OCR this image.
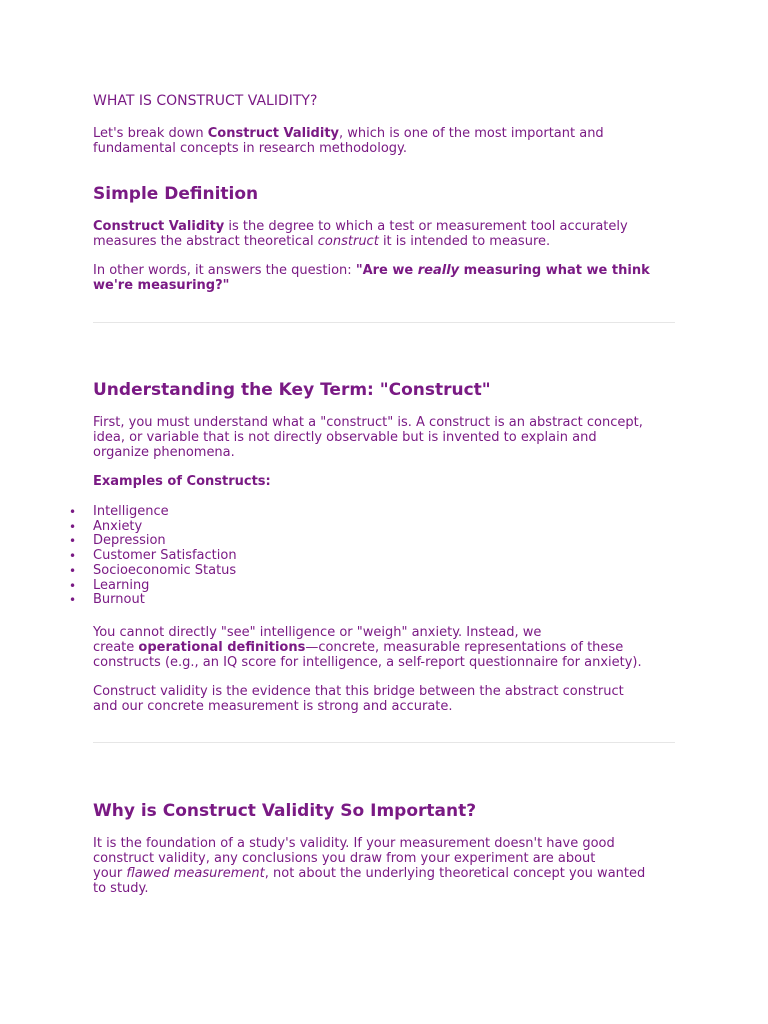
WHAT IS CONSTRUCT VALIDITY?

Let's break down Construct Validity, which is one of the most important and
fundamental concepts in research methodology.

Simple Definition

Construct Validity is the degree to which a test or measurement tool accurately
measures the abstract theoretical construct it is intended to measure.

In other words, it answers the question: "Are we really measuring what we think
we're measuring?"

Understanding the Key Term: "Construct"

First, you must understand what a "construct" is. A construct is an abstract concept,
idea, or variable that is not directly observable but is invented to explain and
organize phenomena.

Examples of Constructs:

• Intelligence
• Anxiety
• Depression
• Customer Satisfaction
• Socioeconomic Status
• Learning
• Burnout

You cannot directly "see" intelligence or "weigh" anxiety. Instead, we
create operational definitions—concrete, measurable representations of these
constructs (e.g., an IQ score for intelligence, a self-report questionnaire for anxiety).

Construct validity is the evidence that this bridge between the abstract construct
and our concrete measurement is strong and accurate.

Why is Construct Validity So Important?

It is the foundation of a study's validity. If your measurement doesn't have good
construct validity, any conclusions you draw from your experiment are about
your flawed measurement, not about the underlying theoretical concept you wanted
to study.
